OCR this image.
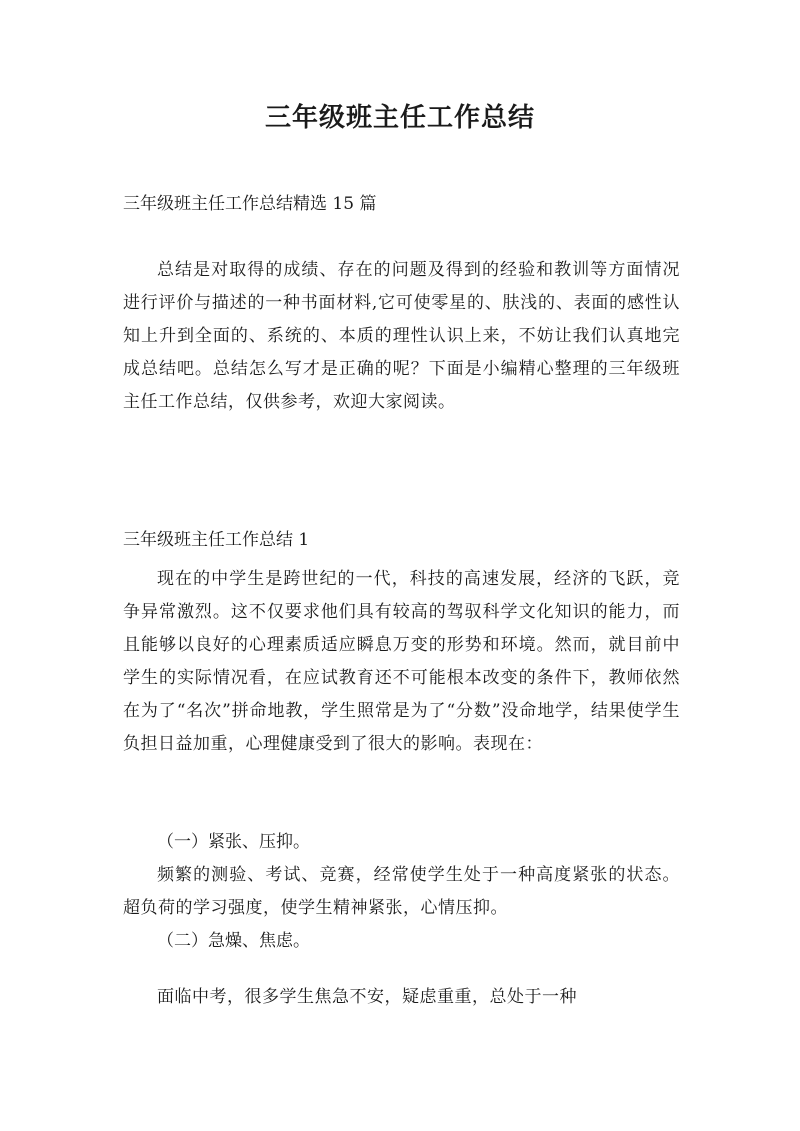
三年级班主任工作总结
三年级班主任工作总结精选 15 篇
总结是对取得的成绩、存在的问题及得到的经验和教训等方面情况进行评价与描述的一种书面材料,它可使零星的、肤浅的、表面的感性认知上升到全面的、系统的、本质的理性认识上来，不妨让我们认真地完成总结吧。总结怎么写才是正确的呢？下面是小编精心整理的三年级班主任工作总结，仅供参考，欢迎大家阅读。
三年级班主任工作总结 1
现在的中学生是跨世纪的一代，科技的高速发展，经济的飞跃，竞争异常激烈。这不仅要求他们具有较高的驾驭科学文化知识的能力，而且能够以良好的心理素质适应瞬息万变的形势和环境。然而，就目前中学生的实际情况看，在应试教育还不可能根本改变的条件下，教师依然在为了“名次”拼命地教，学生照常是为了“分数”没命地学，结果使学生负担日益加重，心理健康受到了很大的影响。表现在：
（一）紧张、压抑。
频繁的测验、考试、竞赛，经常使学生处于一种高度紧张的状态。超负荷的学习强度，使学生精神紧张，心情压抑。
（二）急燥、焦虑。
面临中考，很多学生焦急不安，疑虑重重，总处于一种
